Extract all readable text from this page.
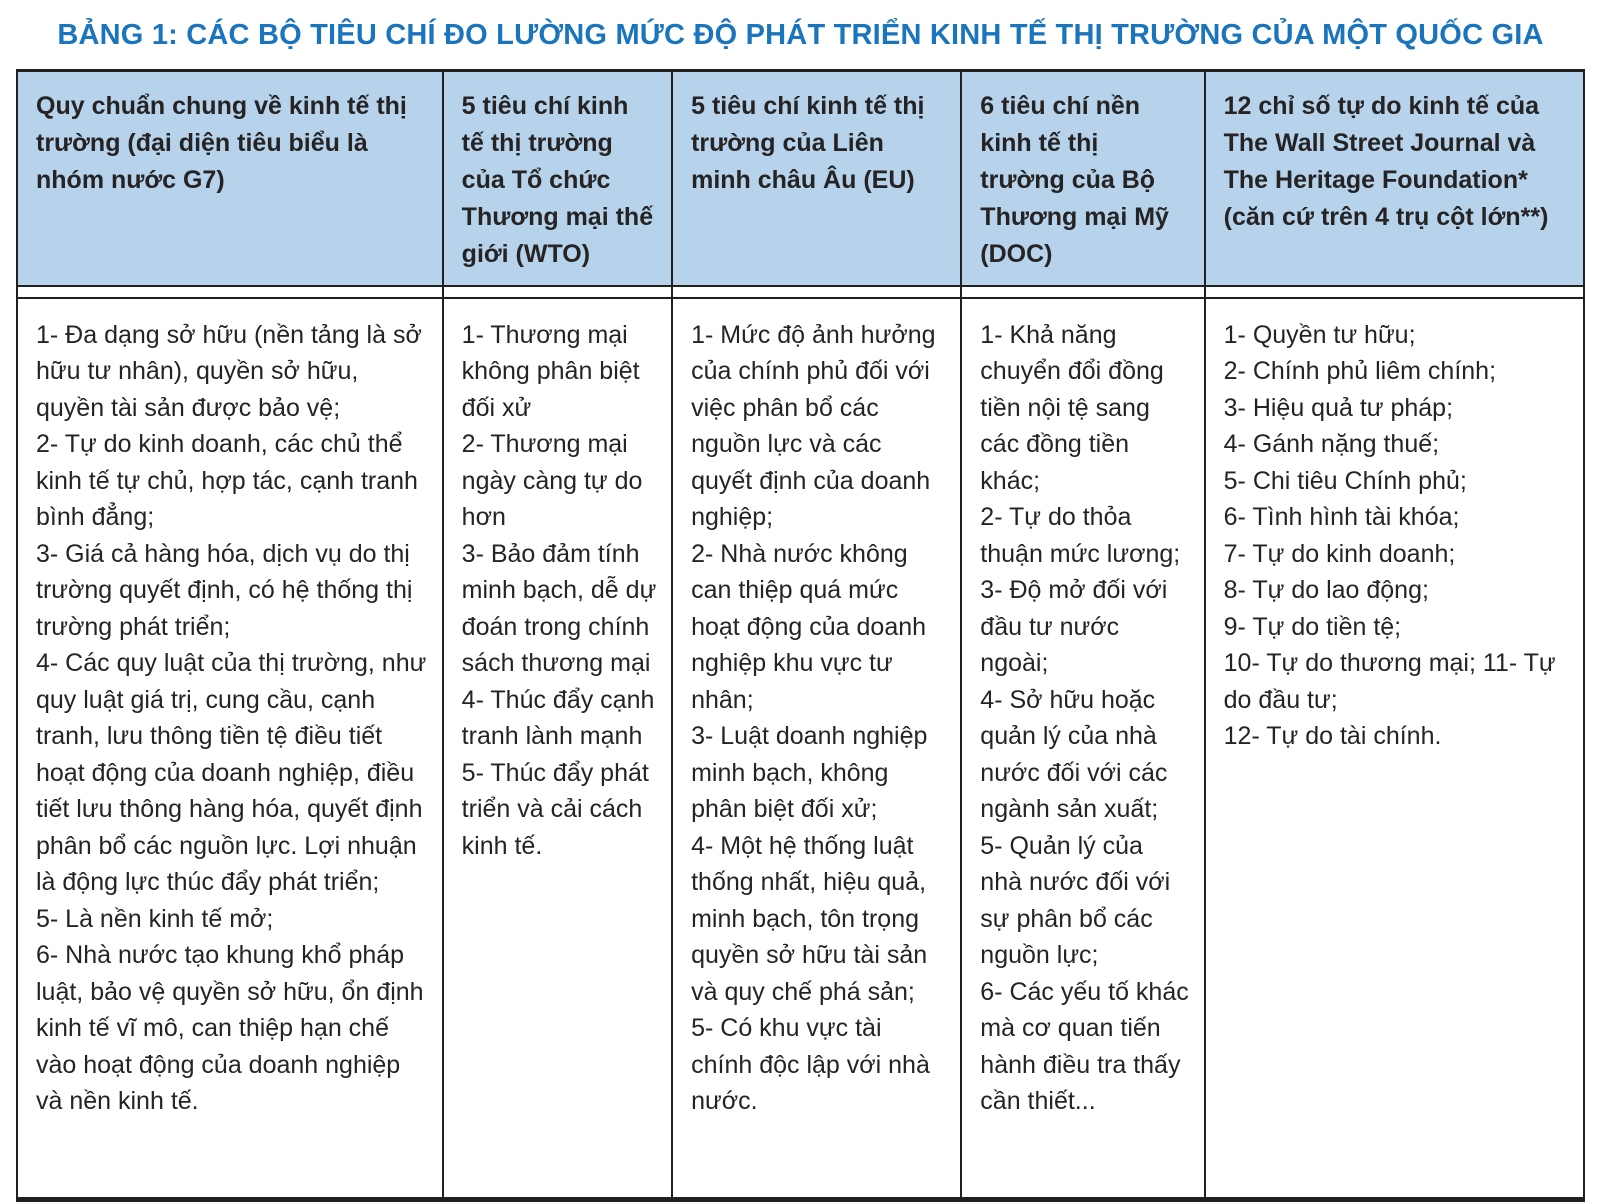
BẢNG 1: CÁC BỘ TIÊU CHÍ ĐO LƯỜNG MỨC ĐỘ PHÁT TRIỂN KINH TẾ THỊ TRƯỜNG CỦA MỘT QUỐC GIA
Quy chuẩn chung về kinh tế thị trường (đại diện tiêu biểu là nhóm nước G7)
5 tiêu chí kinh tế thị trường của Tổ chức Thương mại thế giới (WTO)
5 tiêu chí kinh tế thị trường của Liên minh châu Âu (EU)
6 tiêu chí nền kinh tế thị trường của Bộ Thương mại Mỹ (DOC)
12 chỉ số tự do kinh tế của The Wall Street Journal và The Heritage Foundation* (căn cứ trên 4 trụ cột lớn**)
1- Đa dạng sở hữu (nền tảng là sở hữu tư nhân), quyền sở hữu, quyền tài sản được bảo vệ;
2- Tự do kinh doanh, các chủ thể kinh tế tự chủ, hợp tác, cạnh tranh bình đẳng;
3- Giá cả hàng hóa, dịch vụ do thị trường quyết định, có hệ thống thị trường phát triển;
4- Các quy luật của thị trường, như quy luật giá trị, cung cầu, cạnh tranh, lưu thông tiền tệ điều tiết hoạt động của doanh nghiệp, điều tiết lưu thông hàng hóa, quyết định phân bổ các nguồn lực. Lợi nhuận là động lực thúc đẩy phát triển;
5- Là nền kinh tế mở;
6- Nhà nước tạo khung khổ pháp luật, bảo vệ quyền sở hữu, ổn định kinh tế vĩ mô, can thiệp hạn chế vào hoạt động của doanh nghiệp và nền kinh tế.
1- Thương mại không phân biệt đối xử
2- Thương mại ngày càng tự do hơn
3- Bảo đảm tính minh bạch, dễ dự đoán trong chính sách thương mại
4- Thúc đẩy cạnh tranh lành mạnh
5- Thúc đẩy phát triển và cải cách kinh tế.
1- Mức độ ảnh hưởng của chính phủ đối với việc phân bổ các nguồn lực và các quyết định của doanh nghiệp;
2- Nhà nước không can thiệp quá mức hoạt động của doanh nghiệp khu vực tư nhân;
3- Luật doanh nghiệp minh bạch, không phân biệt đối xử;
4- Một hệ thống luật thống nhất, hiệu quả, minh bạch, tôn trọng quyền sở hữu tài sản và quy chế phá sản;
5- Có khu vực tài chính độc lập với nhà nước.
1- Khả năng chuyển đổi đồng tiền nội tệ sang các đồng tiền khác;
2- Tự do thỏa thuận mức lương;
3- Độ mở đối với đầu tư nước ngoài;
4- Sở hữu hoặc quản lý của nhà nước đối với các ngành sản xuất;
5- Quản lý của nhà nước đối với sự phân bổ các nguồn lực;
6- Các yếu tố khác mà cơ quan tiến hành điều tra thấy cần thiết...
1- Quyền tư hữu;
2- Chính phủ liêm chính;
3- Hiệu quả tư pháp;
4- Gánh nặng thuế;
5- Chi tiêu Chính phủ;
6- Tình hình tài khóa;
7- Tự do kinh doanh;
8- Tự do lao động;
9- Tự do tiền tệ;
10- Tự do thương mại; 11- Tự do đầu tư;
12- Tự do tài chính.
